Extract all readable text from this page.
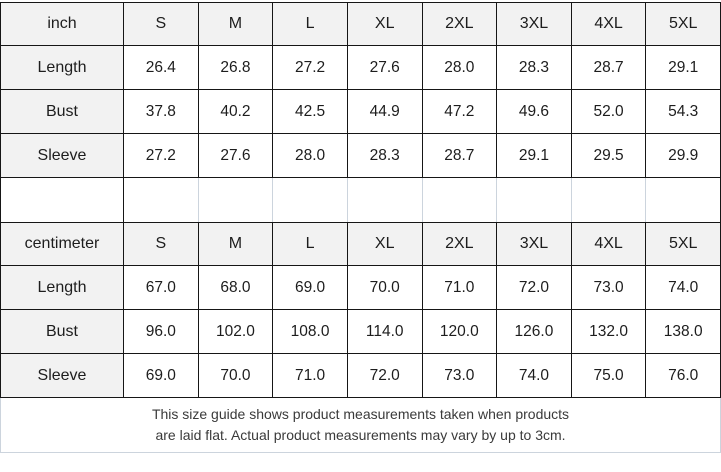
inch	S	M	L	XL	2XL	3XL	4XL	5XL
Length	26.4	26.8	27.2	27.6	28.0	28.3	28.7	29.1
Bust	37.8	40.2	42.5	44.9	47.2	49.6	52.0	54.3
Sleeve	27.2	27.6	28.0	28.3	28.7	29.1	29.5	29.9

centimeter	S	M	L	XL	2XL	3XL	4XL	5XL
Length	67.0	68.0	69.0	70.0	71.0	72.0	73.0	74.0
Bust	96.0	102.0	108.0	114.0	120.0	126.0	132.0	138.0
Sleeve	69.0	70.0	71.0	72.0	73.0	74.0	75.0	76.0
This size guide shows product measurements taken when products
are laid flat. Actual product measurements may vary by up to 3cm.
